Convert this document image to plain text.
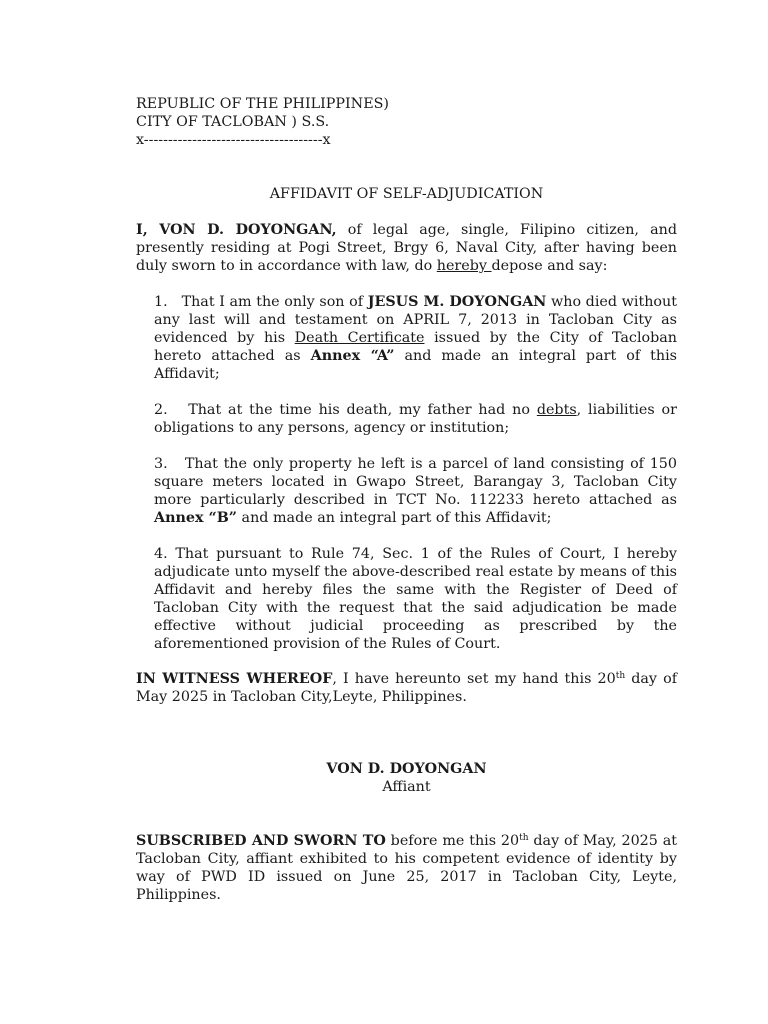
REPUBLIC OF THE PHILIPPINES)
CITY OF TACLOBAN ) S.S.
x-------------------------------------x
AFFIDAVIT OF SELF-ADJUDICATION

I, VON D. DOYONGAN, of legal age, single, Filipino citizen, and presently residing at Pogi Street, Brgy 6, Naval City, after having been duly sworn to in accordance with law, do hereby depose and say:

1. That I am the only son of JESUS M. DOYONGAN who died without any last will and testament on APRIL 7, 2013 in Tacloban City as evidenced by his Death Certificate issued by the City of Tacloban hereto attached as Annex “A” and made an integral part of this Affidavit;

2. That at the time his death, my father had no debts, liabilities or obligations to any persons, agency or institution;

3. That the only property he left is a parcel of land consisting of 150 square meters located in Gwapo Street, Barangay 3, Tacloban City more particularly described in TCT No. 112233 hereto attached as Annex “B” and made an integral part of this Affidavit;

4. That pursuant to Rule 74, Sec. 1 of the Rules of Court, I hereby adjudicate unto myself the above-described real estate by means of this Affidavit and hereby files the same with the Register of Deed of Tacloban City with the request that the said adjudication be made effective without judicial proceeding as prescribed by the aforementioned provision of the Rules of Court.

IN WITNESS WHEREOF, I have hereunto set my hand this 20th day of May 2025 in Tacloban City,Leyte, Philippines.

VON D. DOYONGAN
Affiant

SUBSCRIBED AND SWORN TO before me this 20th day of May, 2025 at Tacloban City, affiant exhibited to his competent evidence of identity by way of PWD ID issued on June 25, 2017 in Tacloban City, Leyte, Philippines.
